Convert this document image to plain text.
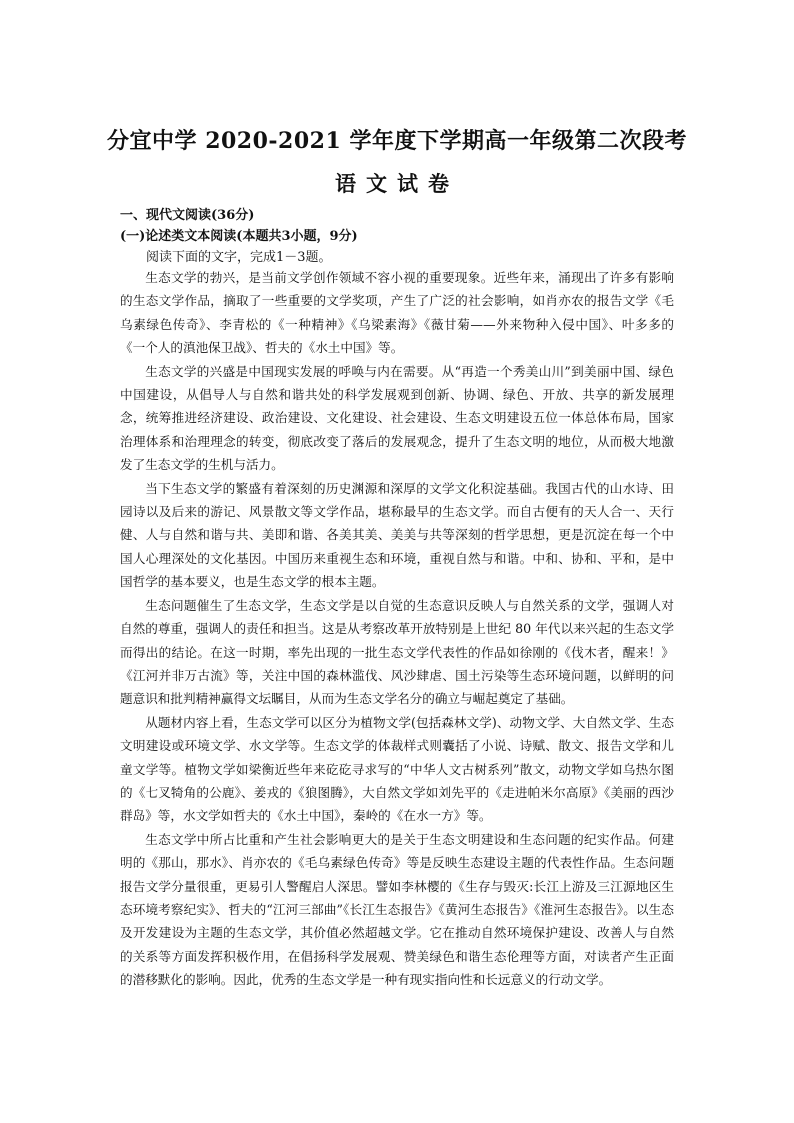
分宜中学 2020-2021 学年度下学期高一年级第二次段考
语文试卷
一、现代文阅读(36分)
(一)论述类文本阅读(本题共3小题，9分)
阅读下面的文字，完成1－3题。

生态文学的勃兴，是当前文学创作领域不容小视的重要现象。近些年来，涌现出了许多有影响的生态文学作品，摘取了一些重要的文学奖项，产生了广泛的社会影响，如肖亦农的报告文学《毛乌素绿色传奇》、李青松的《一种精神》《乌梁素海》《薇甘菊——外来物种入侵中国》、叶多多的《一个人的滇池保卫战》、哲夫的《水土中国》等。

生态文学的兴盛是中国现实发展的呼唤与内在需要。从“再造一个秀美山川”到美丽中国、绿色中国建设，从倡导人与自然和谐共处的科学发展观到创新、协调、绿色、开放、共享的新发展理念，统筹推进经济建设、政治建设、文化建设、社会建设、生态文明建设五位一体总体布局，国家治理体系和治理理念的转变，彻底改变了落后的发展观念，提升了生态文明的地位，从而极大地激发了生态文学的生机与活力。

当下生态文学的繁盛有着深刻的历史渊源和深厚的文学文化积淀基础。我国古代的山水诗、田园诗以及后来的游记、风景散文等文学作品，堪称最早的生态文学。而自古便有的天人合一、天行健、人与自然和谐与共、美即和谐、各美其美、美美与共等深刻的哲学思想，更是沉淀在每一个中国人心理深处的文化基因。中国历来重视生态和环境，重视自然与和谐。中和、协和、平和，是中国哲学的基本要义，也是生态文学的根本主题。

生态问题催生了生态文学，生态文学是以自觉的生态意识反映人与自然关系的文学，强调人对自然的尊重，强调人的责任和担当。这是从考察改革开放特别是上世纪 80 年代以来兴起的生态文学而得出的结论。在这一时期，率先出现的一批生态文学代表性的作品如徐刚的《伐木者，醒来！》《江河并非万古流》等，关注中国的森林滥伐、风沙肆虐、国土污染等生态环境问题，以鲜明的问题意识和批判精神赢得文坛瞩目，从而为生态文学名分的确立与崛起奠定了基础。

从题材内容上看，生态文学可以区分为植物文学(包括森林文学)、动物文学、大自然文学、生态文明建设或环境文学、水文学等。生态文学的体裁样式则囊括了小说、诗赋、散文、报告文学和儿童文学等。植物文学如梁衡近些年来矻矻寻求写的“中华人文古树系列”散文，动物文学如乌热尔图的《七叉犄角的公鹿》、姜戎的《狼图腾》，大自然文学如刘先平的《走进帕米尔高原》《美丽的西沙群岛》等，水文学如哲夫的《水土中国》，秦岭的《在水一方》等。

生态文学中所占比重和产生社会影响更大的是关于生态文明建设和生态问题的纪实作品。何建明的《那山，那水》、肖亦农的《毛乌素绿色传奇》等是反映生态建设主题的代表性作品。生态问题报告文学分量很重，更易引人警醒启人深思。譬如李林樱的《生存与毁灭:长江上游及三江源地区生态环境考察纪实》、哲夫的“江河三部曲”《长江生态报告》《黄河生态报告》《淮河生态报告》。以生态及开发建设为主题的生态文学，其价值必然超越文学。它在推动自然环境保护建设、改善人与自然的关系等方面发挥积极作用，在倡扬科学发展观、赞美绿色和谐生态伦理等方面，对读者产生正面的潜移默化的影响。因此，优秀的生态文学是一种有现实指向性和长远意义的行动文学。
